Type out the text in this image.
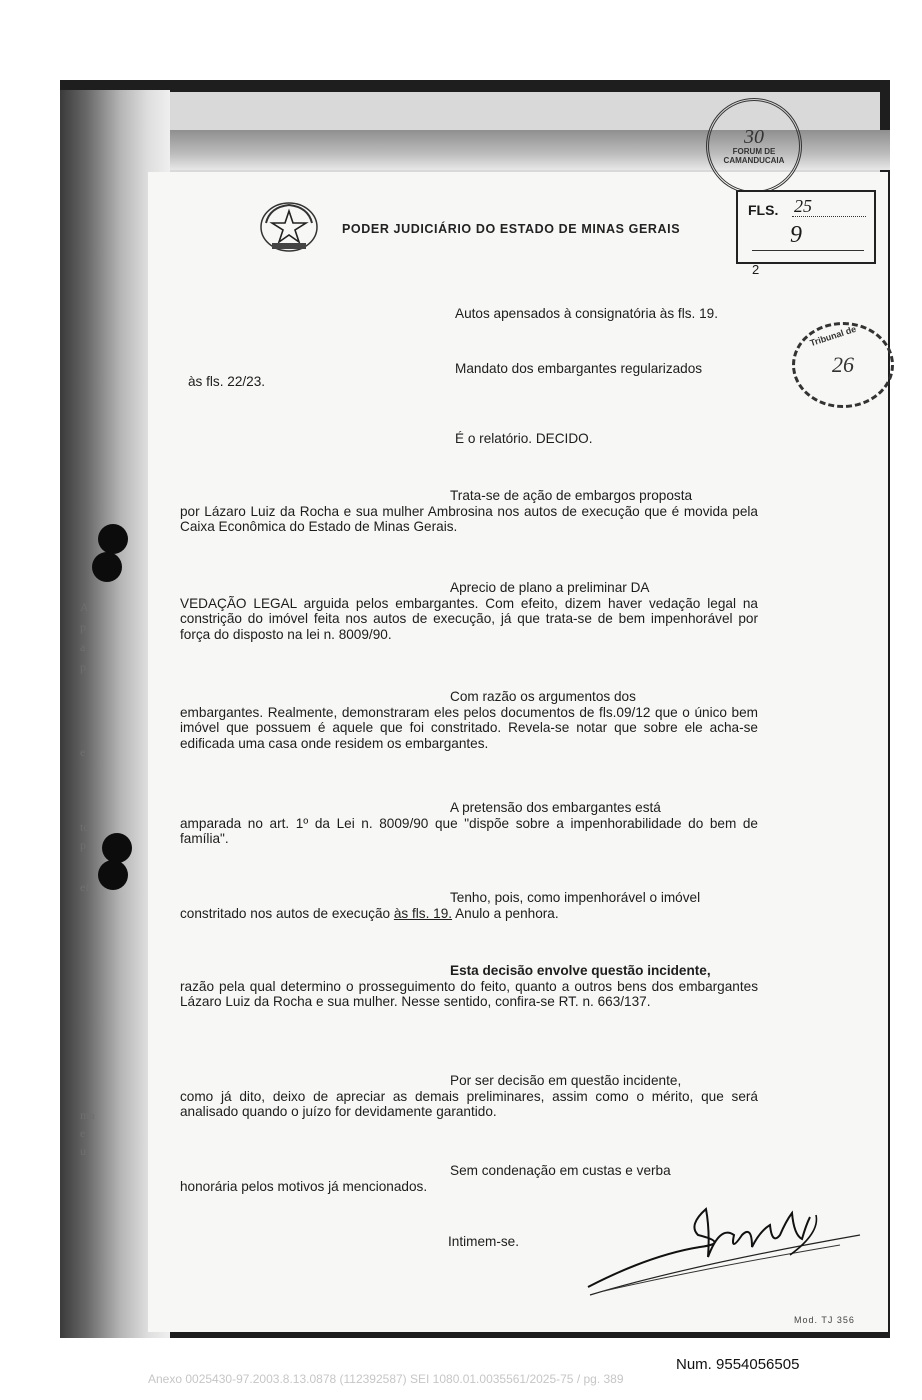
A
p
a
p
e
tc
p
ef
ma
e
u
PODER JUDICIÁRIO DO ESTADO DE MINAS GERAIS
30
FORUM DE CAMANDUCAIA
FLS. 25
9
2
Tribunal de
26
Autos apensados à consignatória às fls. 19.
Mandato dos embargantes regularizados
às fls. 22/23.
É o relatório. DECIDO.
Trata-se de ação de embargos proposta
por Lázaro Luiz da Rocha e sua mulher Ambrosina nos autos de execução que é movida pela Caixa Econômica do Estado de Minas Gerais.
Aprecio de plano a preliminar DA
VEDAÇÃO LEGAL arguida pelos embargantes. Com efeito, dizem haver vedação legal na constrição do imóvel feita nos autos de execução, já que trata-se de bem impenhorável por força do disposto na lei n. 8009/90.
Com razão os argumentos dos
embargantes. Realmente, demonstraram eles pelos documentos de fls.09/12 que o único bem imóvel que possuem é aquele que foi constritado. Revela-se notar que sobre ele acha-se edificada uma casa onde residem os embargantes.
A pretensão dos embargantes está
amparada no art. 1º da Lei n. 8009/90 que "dispõe sobre a impenhorabilidade do bem de família".
Tenho, pois, como impenhorável o imóvel
constritado nos autos de execução às fls. 19. Anulo a penhora.
Esta decisão envolve questão incidente,
razão pela qual determino o prosseguimento do feito, quanto a outros bens dos embargantes Lázaro Luiz da Rocha e sua mulher. Nesse sentido, confira-se RT. n. 663/137.
Por ser decisão em questão incidente,
como já dito, deixo de apreciar as demais preliminares, assim como o mérito, que será analisado quando o juízo for devidamente garantido.
Sem condenação em custas e verba
honorária pelos motivos já mencionados.
Intimem-se.
Mod. TJ 356
Num. 9554056505
Anexo 0025430-97.2003.8.13.0878 (112392587) SEI 1080.01.0035561/2025-75 / pg. 389
